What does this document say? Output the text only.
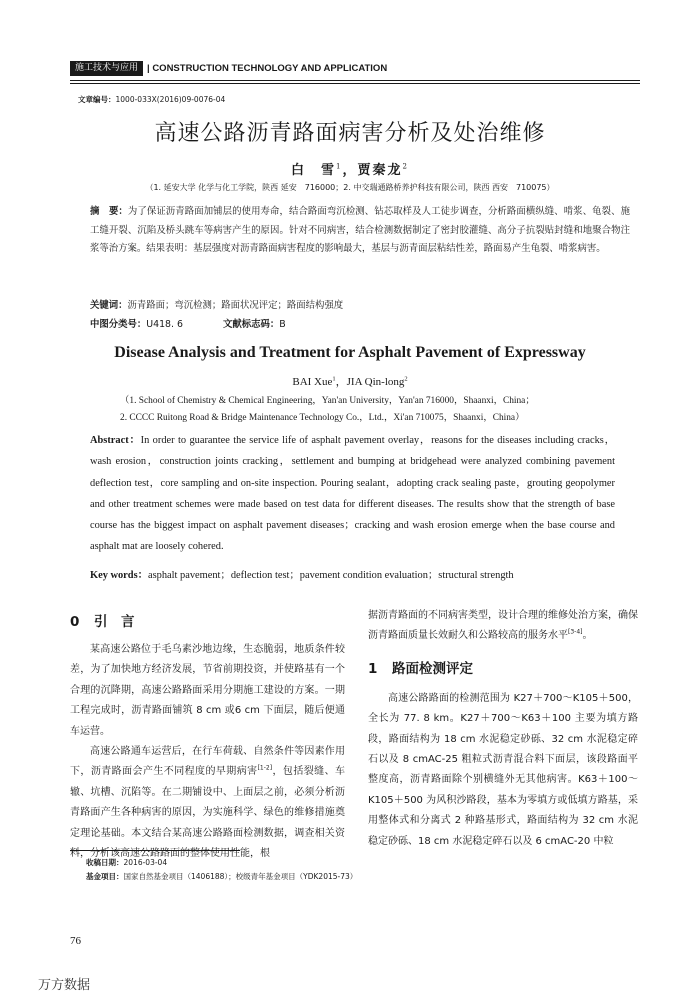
施工技术与应用 | CONSTRUCTION TECHNOLOGY AND APPLICATION
文章编号：1000-033X(2016)09-0076-04
高速公路沥青路面病害分析及处治维修
白　雪$^1$，贾秦龙$^2$
（1. 延安大学 化学与化工学院，陕西 延安　716000；2. 中交瑞通路桥养护科技有限公司，陕西 西安　710075）
摘　要：为了保证沥青路面加铺层的使用寿命，结合路面弯沉检测、钻芯取样及人工徒步调查，分析路面横纵缝、啃浆、龟裂、施工缝开裂、沉陷及桥头跳车等病害产生的原因。针对不同病害，结合检测数据制定了密封胶灌缝、高分子抗裂贴封缝和地聚合物注浆等治方案。结果表明：基层强度对沥青路面病害程度的影响最大，基层与沥青面层粘结性差，路面易产生龟裂、啃浆病害。
关键词：沥青路面；弯沉检测；路面状况评定；路面结构强度
中图分类号：U418. 6	文献标志码：B
Disease Analysis and Treatment for Asphalt Pavement of Expressway
BAI Xue$^1$，JIA Qin-long$^2$
（1. School of Chemistry & Chemical Engineering，Yan'an University，Yan'an 716000，Shaanxi，China；
2. CCCC Ruitong Road & Bridge Maintenance Technology Co.，Ltd.，Xi'an 710075，Shaanxi，China）
Abstract：In order to guarantee the service life of asphalt pavement overlay，reasons for the diseases including cracks，wash erosion，construction joints cracking，settlement and bumping at bridgehead were analyzed combining pavement deflection test，core sampling and on-site inspection. Pouring sealant，adopting crack sealing paste，grouting geopolymer and other treatment schemes were made based on test data for different diseases. The results show that the strength of base course has the biggest impact on asphalt pavement diseases；cracking and wash erosion emerge when the base course and asphalt mat are loosely cohered.
Key words：asphalt pavement；deflection test；pavement condition evaluation；structural strength
0 引　言

某高速公路位于毛乌素沙地边缘，生态脆弱，地质条件较差，为了加快地方经济发展，节省前期投资，并使路基有一个合理的沉降期，高速公路路面采用分期施工建设的方案。一期工程完成时，沥青路面铺筑 8 cm 或6 cm 下面层，随后便通车运营。

高速公路通车运营后，在行车荷载、自然条件等因素作用下，沥青路面会产生不同程度的早期病害[1-2]，包括裂缝、车辙、坑槽、沉陷等。在二期铺设中、上面层之前，必须分析沥青路面产生各种病害的原因，为实施科学、绿色的维修措施奠定理论基础。本文结合某高速公路路面检测数据，调查相关资料，分析该高速公路路面的整体使用性能，根

据沥青路面的不同病害类型，设计合理的维修处治方案，确保沥青路面质量长效耐久和公路较高的服务水平[3-4]。

1 路面检测评定

高速公路路面的检测范围为 K27＋700～K105＋500，全长为 77. 8 km。K27＋700～K63＋100 主要为填方路段，路面结构为 18 cm 水泥稳定砂砾、32 cm 水泥稳定碎石以及 8 cmAC-25 粗粒式沥青混合料下面层，该段路面平整度高，沥青路面除个别横缝外无其他病害。K63＋100～K105＋500 为风积沙路段，基本为零填方或低填方路基，采用整体式和分离式 2 种路基形式，路面结构为 32 cm 水泥稳定砂砾、18 cm 水泥稳定碎石以及 6 cmAC-20 中粒

收稿日期：2016-03-04
基金项目：国家自然基金项目（1406188）；校级青年基金项目（YDK2015-73）
76
万方数据
